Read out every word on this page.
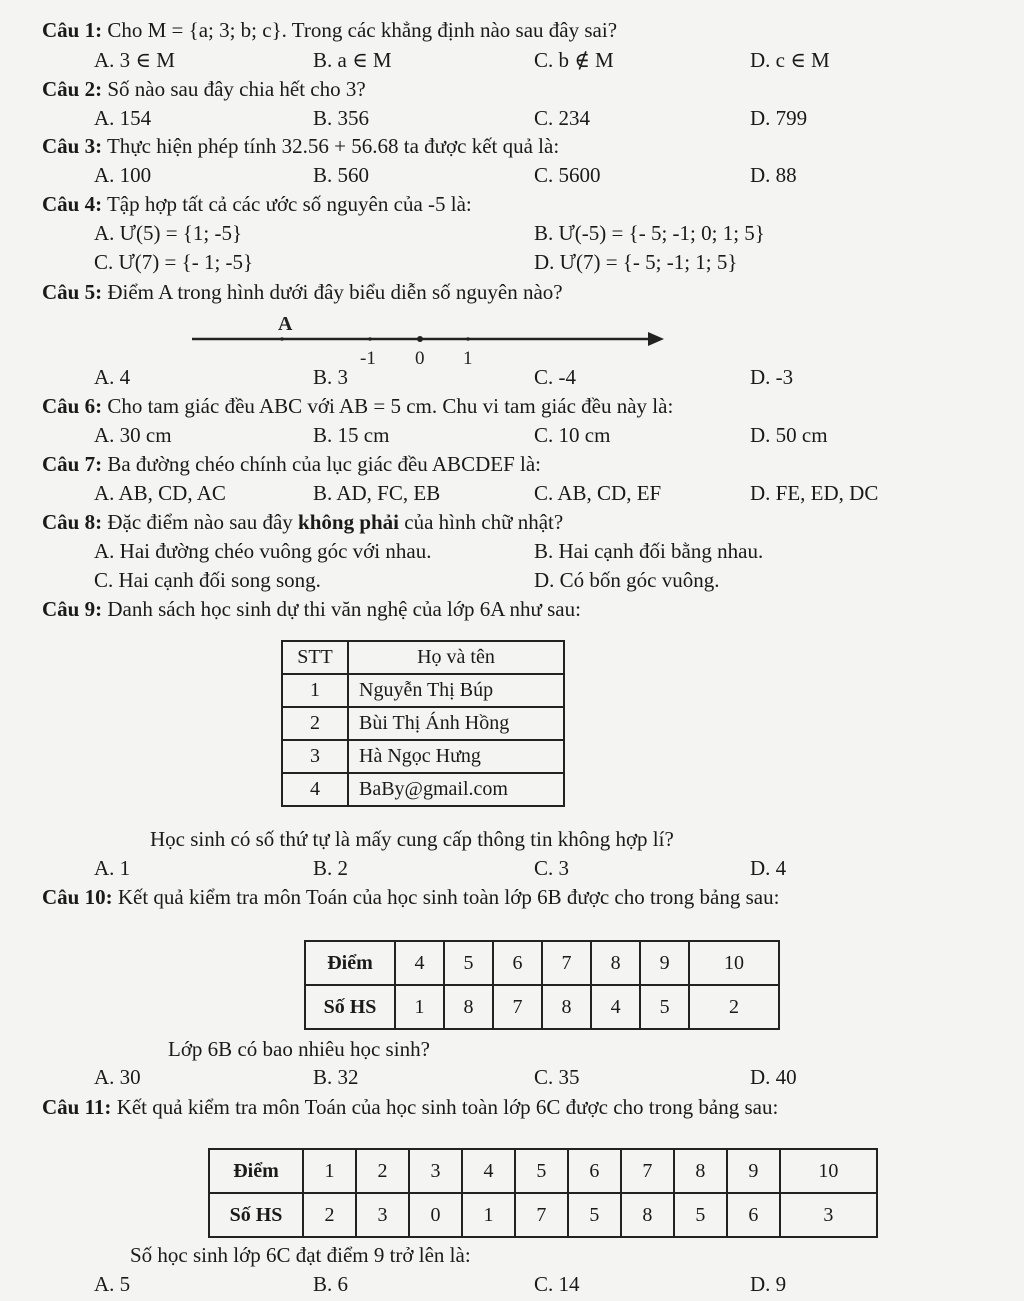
Câu 1: Cho M = {a; 3; b; c}. Trong các khẳng định nào sau đây sai?
A. 3 ∈ M	B. a ∈ M	C. b ∉ M	D. c ∈ M
Câu 2: Số nào sau đây chia hết cho 3?
A. 154	B. 356	C. 234	D. 799
Câu 3: Thực hiện phép tính 32.56 + 56.68 ta được kết quả là:
A. 100	B. 560	C. 5600	D. 88
Câu 4: Tập hợp tất cả các ước số nguyên của -5 là:
A. Ư(5) = {1; -5}	B. Ư(-5) = {- 5; -1; 0; 1; 5}
C. Ư(7) = {- 1; -5}	D. Ư(7) = {- 5; -1; 1; 5}
Câu 5: Điểm A trong hình dưới đây biểu diễn số nguyên nào?
A
-1 0 1
A. 4	B. 3	C. -4	D. -3
Câu 6: Cho tam giác đều ABC với AB = 5 cm. Chu vi tam giác đều này là:
A. 30 cm	B. 15 cm	C. 10 cm	D. 50 cm
Câu 7: Ba đường chéo chính của lục giác đều ABCDEF là:
A. AB, CD, AC	B. AD, FC, EB	C. AB, CD, EF	D. FE, ED, DC
Câu 8: Đặc điểm nào sau đây không phải của hình chữ nhật?
A. Hai đường chéo vuông góc với nhau.	B. Hai cạnh đối bằng nhau.
C. Hai cạnh đối song song.	D. Có bốn góc vuông.
Câu 9: Danh sách học sinh dự thi văn nghệ của lớp 6A như sau:
STT	Họ và tên
1	Nguyễn Thị Búp
2	Bùi Thị Ánh Hồng
3	Hà Ngọc Hưng
4	BaBy@gmail.com
Học sinh có số thứ tự là mấy cung cấp thông tin không hợp lí?
A. 1	B. 2	C. 3	D. 4
Câu 10: Kết quả kiểm tra môn Toán của học sinh toàn lớp 6B được cho trong bảng sau:
Điểm	4	5	6	7	8	9	10
Số HS	1	8	7	8	4	5	2
Lớp 6B có bao nhiêu học sinh?
A. 30	B. 32	C. 35	D. 40
Câu 11: Kết quả kiểm tra môn Toán của học sinh toàn lớp 6C được cho trong bảng sau:
Điểm	1	2	3	4	5	6	7	8	9	10
Số HS	2	3	0	1	7	5	8	5	6	3
Số học sinh lớp 6C đạt điểm 9 trở lên là:
A. 5	B. 6	C. 14	D. 9
